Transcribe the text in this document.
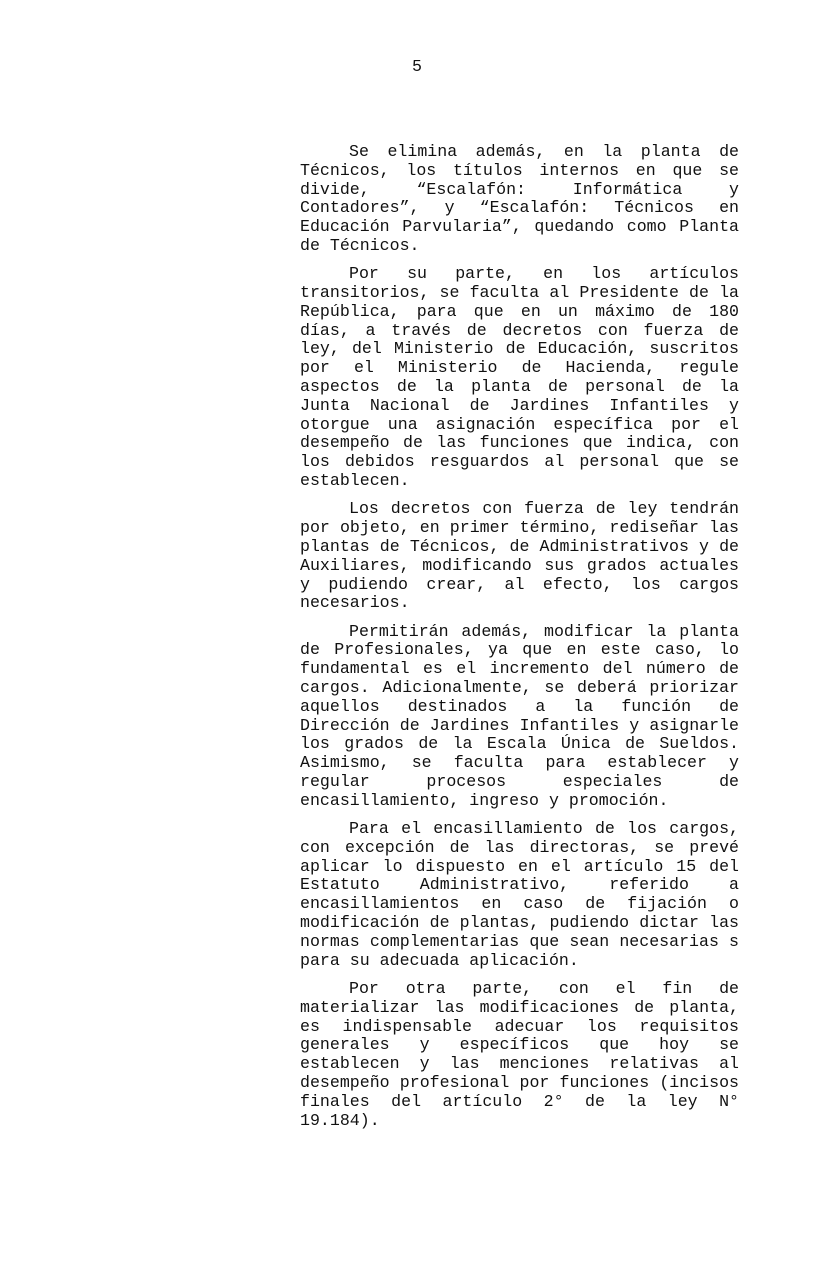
5
Se elimina además, en la planta de
Técnicos, los títulos internos en que se
divide, “Escalafón: Informática y
Contadores”, y “Escalafón: Técnicos en
Educación Parvularia”, quedando como Planta
de Técnicos.
Por su parte, en los artículos
transitorios, se faculta al Presidente de la
República, para que en un máximo de 180
días, a través de decretos con fuerza de
ley, del Ministerio de Educación, suscritos
por el Ministerio de Hacienda, regule
aspectos de la planta de personal de la
Junta Nacional de Jardines Infantiles y
otorgue una asignación específica por el
desempeño de las funciones que indica, con
los debidos resguardos al personal que se
establecen.
Los decretos con fuerza de ley tendrán
por objeto, en primer término, rediseñar las
plantas de Técnicos, de Administrativos y de
Auxiliares, modificando sus grados actuales
y pudiendo crear, al efecto, los cargos
necesarios.
Permitirán además, modificar la planta
de Profesionales, ya que en este caso, lo
fundamental es el incremento del número de
cargos. Adicionalmente, se deberá priorizar
aquellos destinados a la función de
Dirección de Jardines Infantiles y asignarle
los grados de la Escala Única de Sueldos.
Asimismo, se faculta para establecer y
regular procesos especiales de
encasillamiento, ingreso y promoción.
Para el encasillamiento de los cargos,
con excepción de las directoras, se prevé
aplicar lo dispuesto en el artículo 15 del
Estatuto Administrativo, referido a
encasillamientos en caso de fijación o
modificación de plantas, pudiendo dictar las
normas complementarias que sean necesarias s
para su adecuada aplicación.
Por otra parte, con el fin de
materializar las modificaciones de planta,
es indispensable adecuar los requisitos
generales y específicos que hoy se
establecen y las menciones relativas al
desempeño profesional por funciones (incisos
finales del artículo 2° de la ley N°
19.184).
